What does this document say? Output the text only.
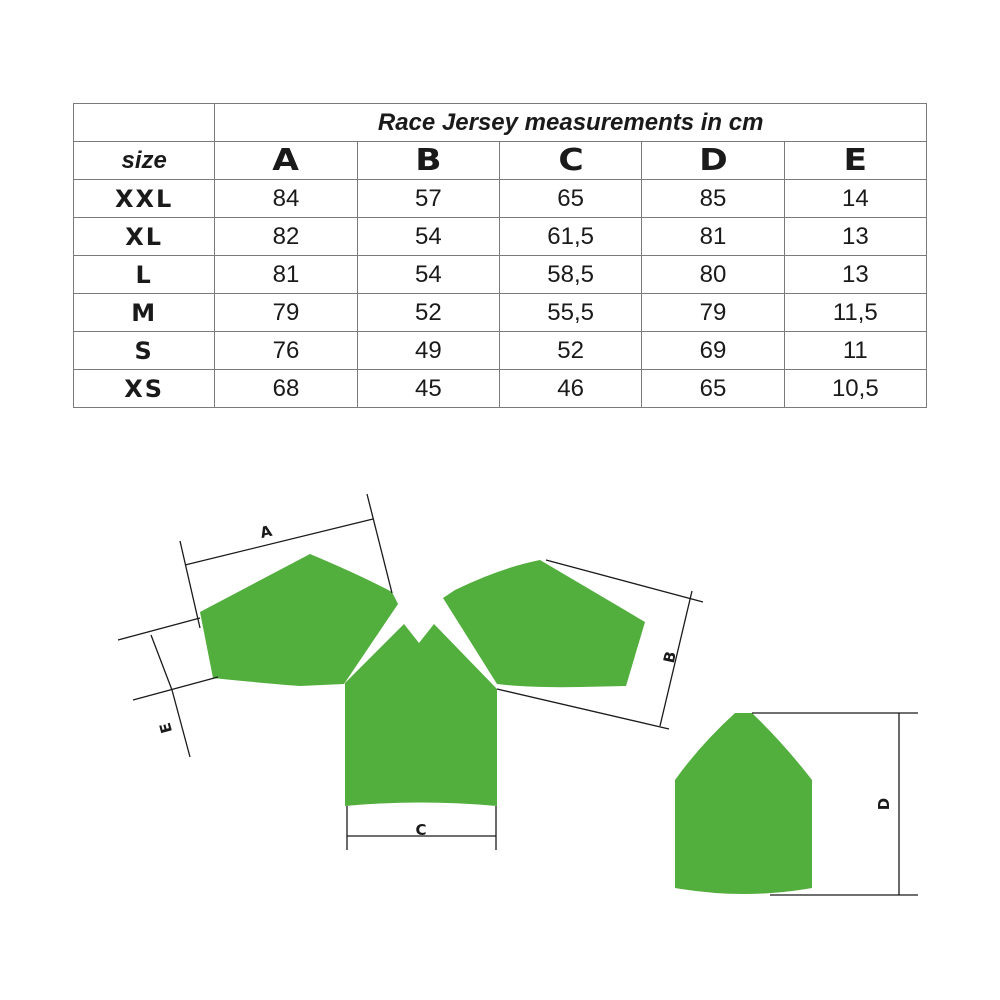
	Race Jersey measurements in cm				
size	A	B	C	D	E
XXL	84	57	65	85	14
XL	82	54	61,5	81	13
L	81	54	58,5	80	13
M	79	52	55,5	79	11,5
S	76	49	52	69	11
XS	68	45	46	65	10,5
A
B
C
D
E
